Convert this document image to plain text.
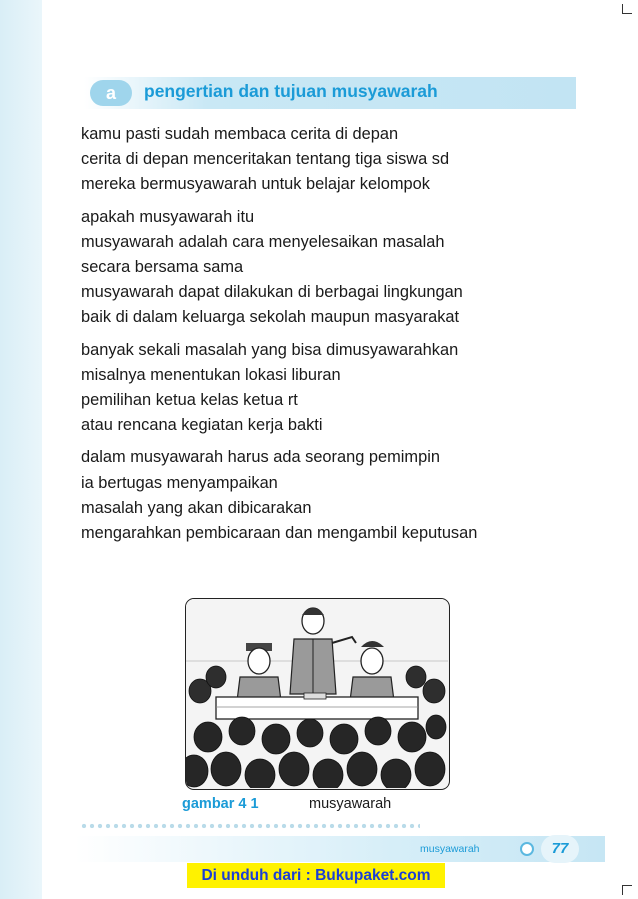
a	pengertian dan tujuan musyawarah
kamu pasti sudah membaca cerita di depan
cerita di depan menceritakan tentang tiga siswa sd
mereka bermusyawarah untuk belajar kelompok
apakah musyawarah itu
musyawarah adalah cara menyelesaikan masalah
secara bersama sama
musyawarah dapat dilakukan di berbagai lingkungan
baik di dalam keluarga sekolah maupun masyarakat
banyak sekali masalah yang bisa dimusyawarahkan
misalnya menentukan lokasi liburan
pemilihan ketua kelas ketua rt
atau rencana kegiatan kerja bakti
dalam musyawarah harus ada seorang pemimpin
ia bertugas menyampaikan
masalah yang akan dibicarakan
mengarahkan pembicaraan dan mengambil keputusan
gambar 4 1	musyawarah
musyawarah	77
Di unduh dari : Bukupaket.com
